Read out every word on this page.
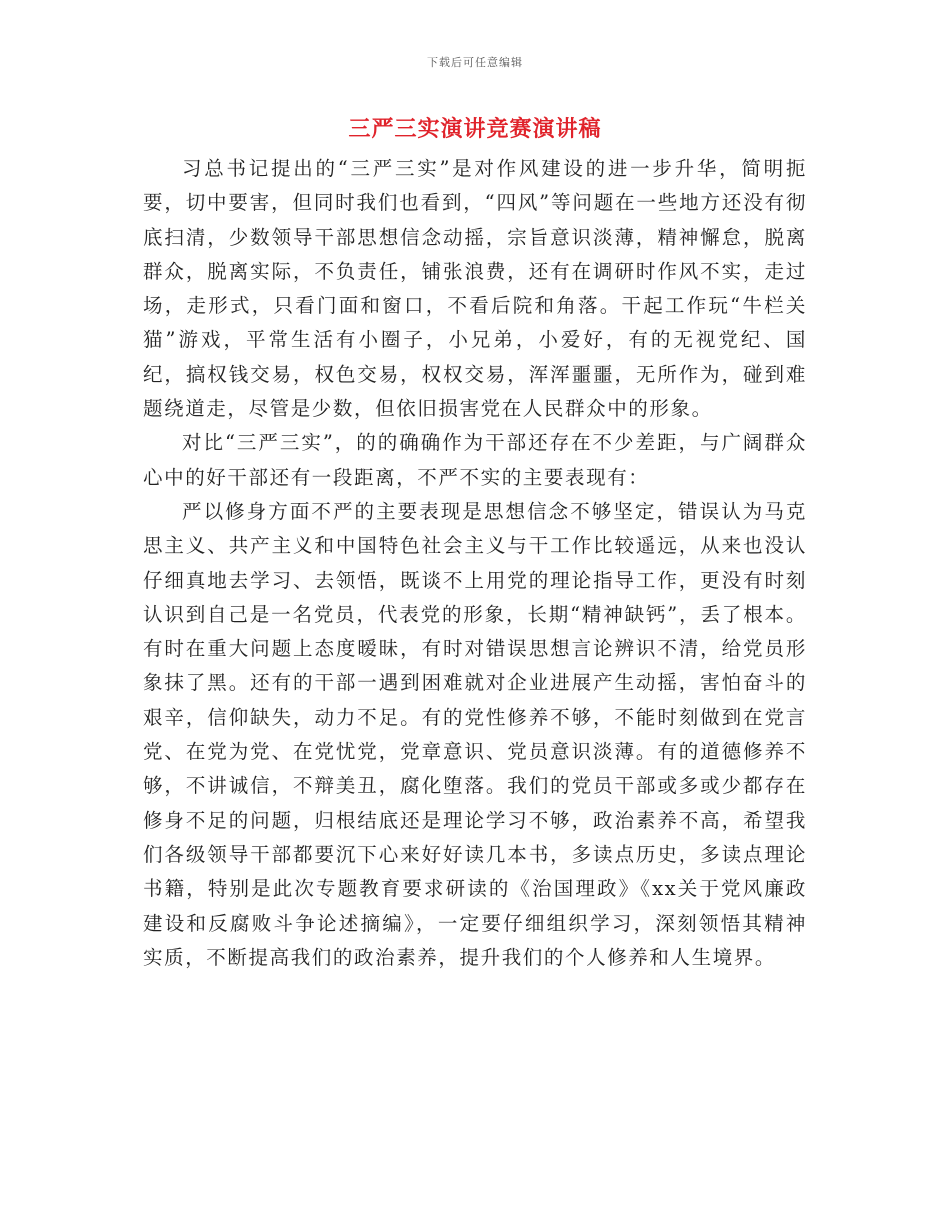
下载后可任意编辑
三严三实演讲竞赛演讲稿

习总书记提出的“三严三实”是对作风建设的进一步升华，简明扼要，切中要害，但同时我们也看到，“四风”等问题在一些地方还没有彻底扫清，少数领导干部思想信念动摇，宗旨意识淡薄，精神懈怠，脱离群众，脱离实际，不负责任，铺张浪费，还有在调研时作风不实，走过场，走形式，只看门面和窗口，不看后院和角落。干起工作玩“牛栏关猫”游戏，平常生活有小圈子，小兄弟，小爱好，有的无视党纪、国纪，搞权钱交易，权色交易，权权交易，浑浑噩噩，无所作为，碰到难题绕道走，尽管是少数，但依旧损害党在人民群众中的形象。

对比“三严三实”，的的确确作为干部还存在不少差距，与广阔群众心中的好干部还有一段距离，不严不实的主要表现有：

严以修身方面不严的主要表现是思想信念不够坚定，错误认为马克思主义、共产主义和中国特色社会主义与干工作比较遥远，从来也没认仔细真地去学习、去领悟，既谈不上用党的理论指导工作，更没有时刻认识到自己是一名党员，代表党的形象，长期“精神缺钙”，丢了根本。有时在重大问题上态度暧昧，有时对错误思想言论辨识不清，给党员形象抹了黑。还有的干部一遇到困难就对企业进展产生动摇，害怕奋斗的艰辛，信仰缺失，动力不足。有的党性修养不够，不能时刻做到在党言党、在党为党、在党忧党，党章意识、党员意识淡薄。有的道德修养不够，不讲诚信，不辩美丑，腐化堕落。我们的党员干部或多或少都存在修身不足的问题，归根结底还是理论学习不够，政治素养不高，希望我们各级领导干部都要沉下心来好好读几本书，多读点历史，多读点理论书籍，特别是此次专题教育要求研读的《治国理政》《xx关于党风廉政建设和反腐败斗争论述摘编》，一定要仔细组织学习，深刻领悟其精神实质，不断提高我们的政治素养，提升我们的个人修养和人生境界。
